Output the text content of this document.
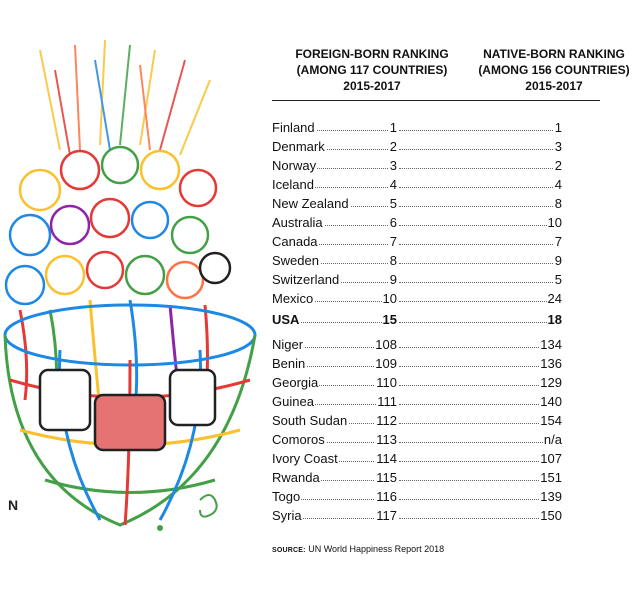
N
FOREIGN-BORN RANKING
(AMONG 117 COUNTRIES)
2015-2017
NATIVE-BORN RANKING
(AMONG 156 COUNTRIES)
2015-2017
Finland	1	1
Denmark	2	3
Norway	3	2
Iceland	4	4
New Zealand	5	8
Australia	6	10
Canada	7	7
Sweden	8	9
Switzerland	9	5
Mexico	10	24
USA	15	18
Niger	108	134
Benin	109	136
Georgia	110	129
Guinea	111	140
South Sudan 112	154
Comoros	113	n/a
Ivory Coast	114	107
Rwanda	115	151
Togo	116	139
Syria	117	150
SOURCE: UN World Happiness Report 2018
